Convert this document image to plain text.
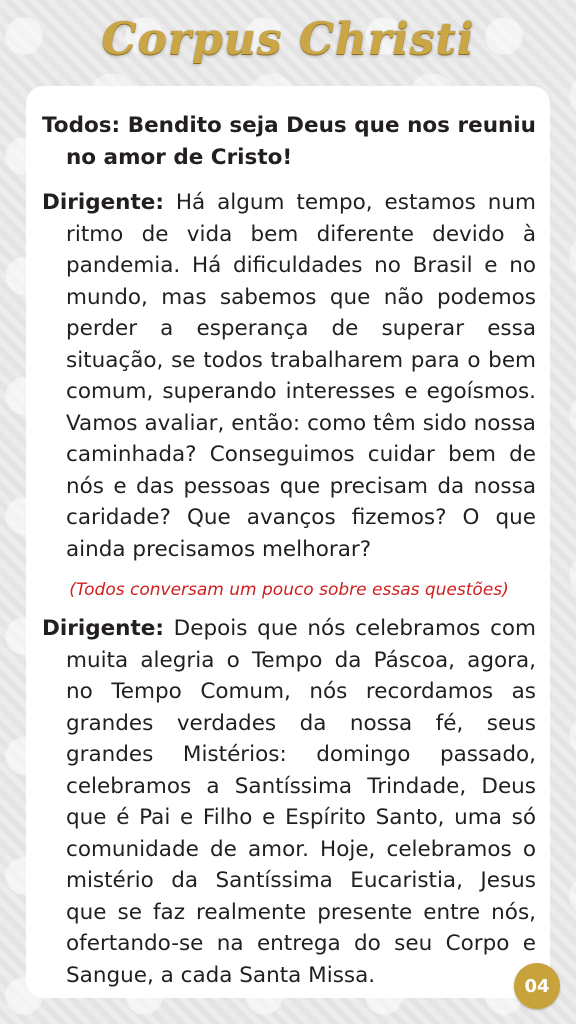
Corpus Christi

Todos: Bendito seja Deus que nos reuniu no amor de Cristo!

Dirigente: Há algum tempo, estamos num ritmo de vida bem diferente devido à pandemia. Há dificuldades no Brasil e no mundo, mas sabemos que não podemos perder a esperança de superar essa situação, se todos trabalharem para o bem comum, superando interesses e egoísmos. Vamos avaliar, então: como têm sido nossa caminhada? Conseguimos cuidar bem de nós e das pessoas que precisam da nossa caridade? Que avanços fizemos? O que ainda precisamos melhorar?

(Todos conversam um pouco sobre essas questões)

Dirigente: Depois que nós celebramos com muita alegria o Tempo da Páscoa, agora, no Tempo Comum, nós recordamos as grandes verdades da nossa fé, seus grandes Mistérios: domingo passado, celebramos a Santíssima Trindade, Deus que é Pai e Filho e Espírito Santo, uma só comunidade de amor. Hoje, celebramos o mistério da Santíssima Eucaristia, Jesus que se faz realmente presente entre nós, ofertando-se na entrega do seu Corpo e Sangue, a cada Santa Missa.	04
